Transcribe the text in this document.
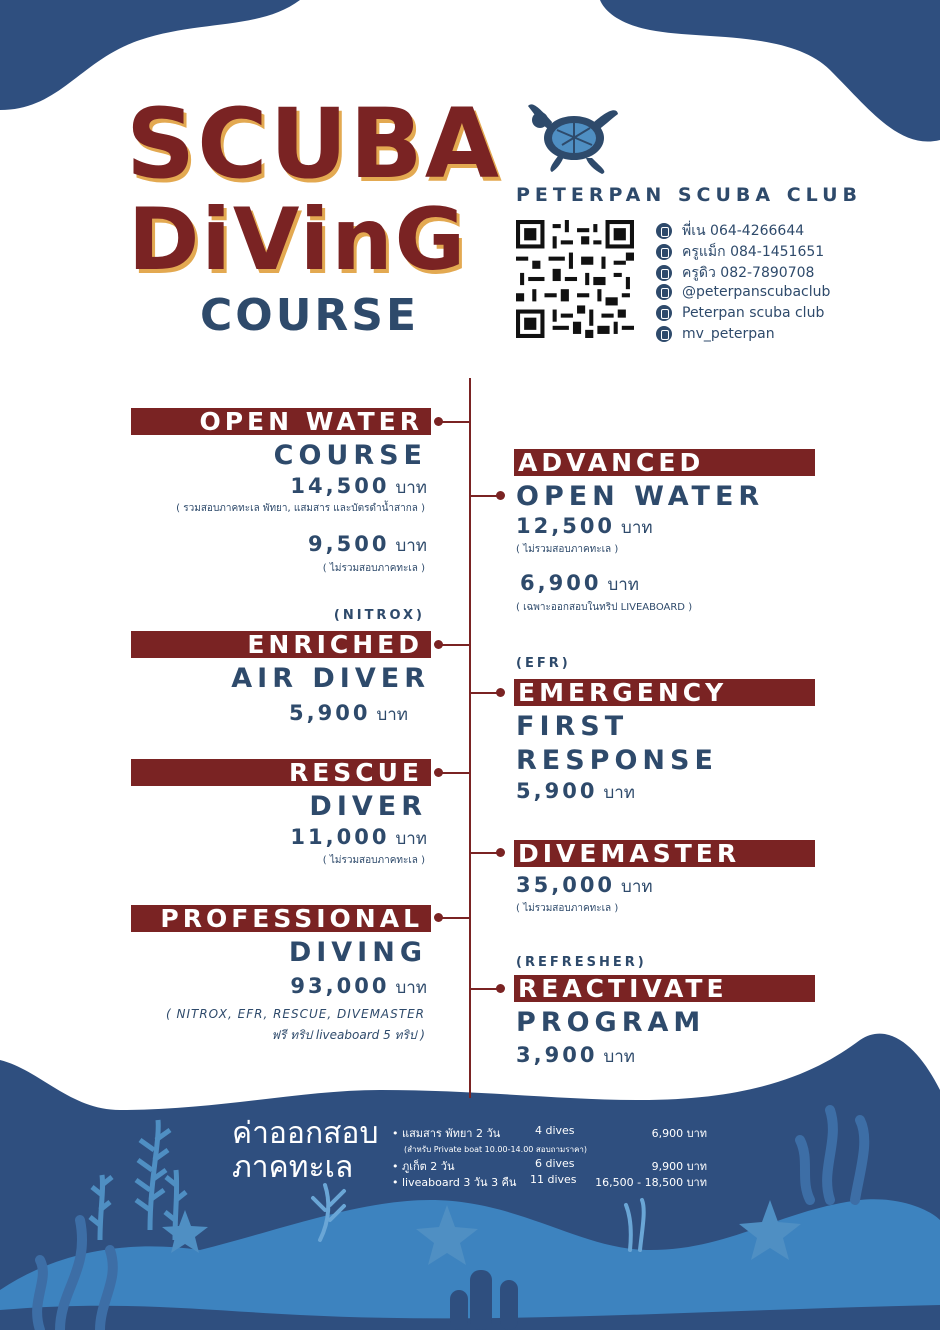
SCUBA
DiVinG
COURSE
PETERPAN SCUBA CLUB
พี่เน 064-4266644
ครูแม็ก 084-1451651
ครูดิว 082-7890708
@peterpanscubaclub
Peterpan scuba club
mv_peterpan
OPEN WATER
COURSE
14,500 บาท
( รวมสอบภาคทะเล พัทยา, แสมสาร และบัตรดำน้ำสากล )
9,500 บาท
( ไม่รวมสอบภาคทะเล )
(NITROX)
ENRICHED
AIR DIVER
5,900 บาท
RESCUE
DIVER
11,000 บาท
( ไม่รวมสอบภาคทะเล )
PROFESSIONAL
DIVING
93,000 บาท
( NITROX, EFR, RESCUE, DIVEMASTER
ฟรี ทริป liveaboard 5 ทริป )
ADVANCED
OPEN WATER
12,500 บาท
( ไม่รวมสอบภาคทะเล )
6,900 บาท
( เฉพาะออกสอบในทริป LIVEABOARD )
(EFR)
EMERGENCY
FIRST
RESPONSE
5,900 บาท
DIVEMASTER
35,000 บาท
( ไม่รวมสอบภาคทะเล )
(REFRESHER)
REACTIVATE
PROGRAM
3,900 บาท
ค่าออกสอบ
ภาคทะเล
• แสมสาร พัทยา 2 วัน	4 dives	6,900 บาท
(สำหรับ Private boat 10.00-14.00 สอบถามราคา)
• ภูเก็ต 2 วัน	6 dives	9,900 บาท
• liveaboard 3 วัน 3 คืน 11 dives 16,500 - 18,500 บาท
